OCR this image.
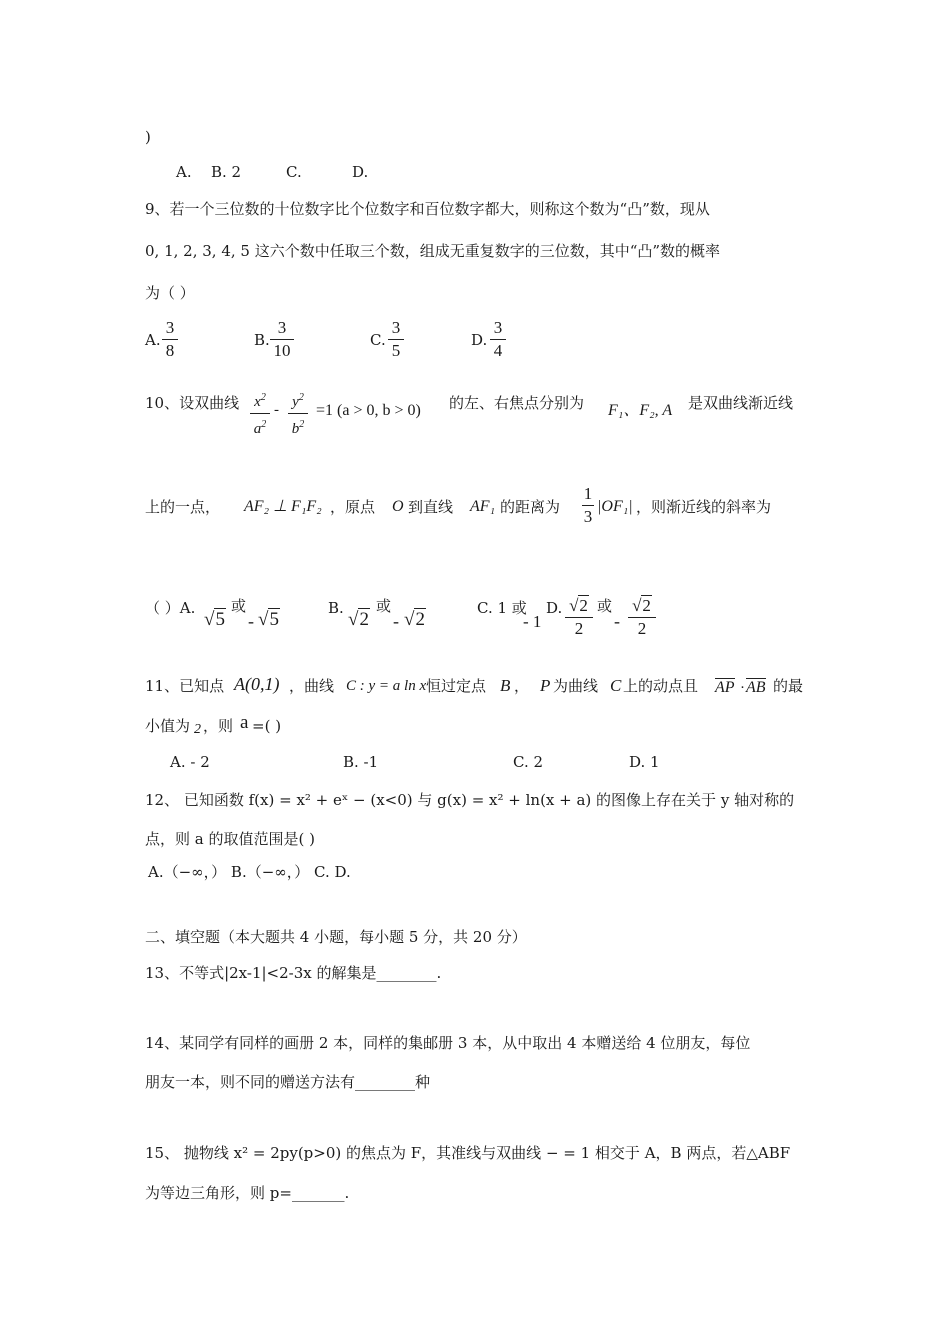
)
A. B. 2	C.	D.
9、若一个三位数的十位数字比个位数字和百位数字都大，则称这个数为“凸”数，现从
0, 1, 2, 3, 4, 5 这六个数中任取三个数，组成无重复数字的三位数，其中“凸”数的概率
为（ ）
A.
3
8
B.
3
10
C.
3
5
D.
3
4
10、设双曲线 $x^2$
$a^2$
- $y^2$
$b^2$
=1 (a > 0, b > 0) 的左、右焦点分别为 F₁、F₂, A 是双曲线渐近线
上的一点， AF₂ ⊥ F₁F₂ ，原点 O 到直线 AF₁ 的距离为
1
3
|OF₁| ，则渐近线的斜率为
（ ）A.
√5
或
- √5
B.
√2
或
- √2
C. 1 或
- 1
D. √2
2
或
-
√2
2
11、已知点 A(0,1) ，曲线 C : y = a ln x 恒过定点 B ， P 为曲线 C 上的动点且 AP · AB 的最
小值为 2 ，则 a =( )
A. - 2	B. -1	C. 2	D. 1
12、 已知函数 f(x) = x² + eˣ − (x<0) 与 g(x) = x² + ln(x + a) 的图像上存在关于 y 轴对称的
点，则 a 的取值范围是( )
A.（−∞，） B.（−∞，） C. D.
二、填空题（本大题共 4 小题，每小题 5 分，共 20 分）
13、不等式|2x-1|<2-3x 的解集是________.
14、某同学有同样的画册 2 本，同样的集邮册 3 本，从中取出 4 本赠送给 4 位朋友，每位
朋友一本，则不同的赠送方法有________种
15、 抛物线 x² = 2py(p>0) 的焦点为 F，其准线与双曲线 − = 1 相交于 A，B 两点，若△ABF
为等边三角形，则 p=_______.
